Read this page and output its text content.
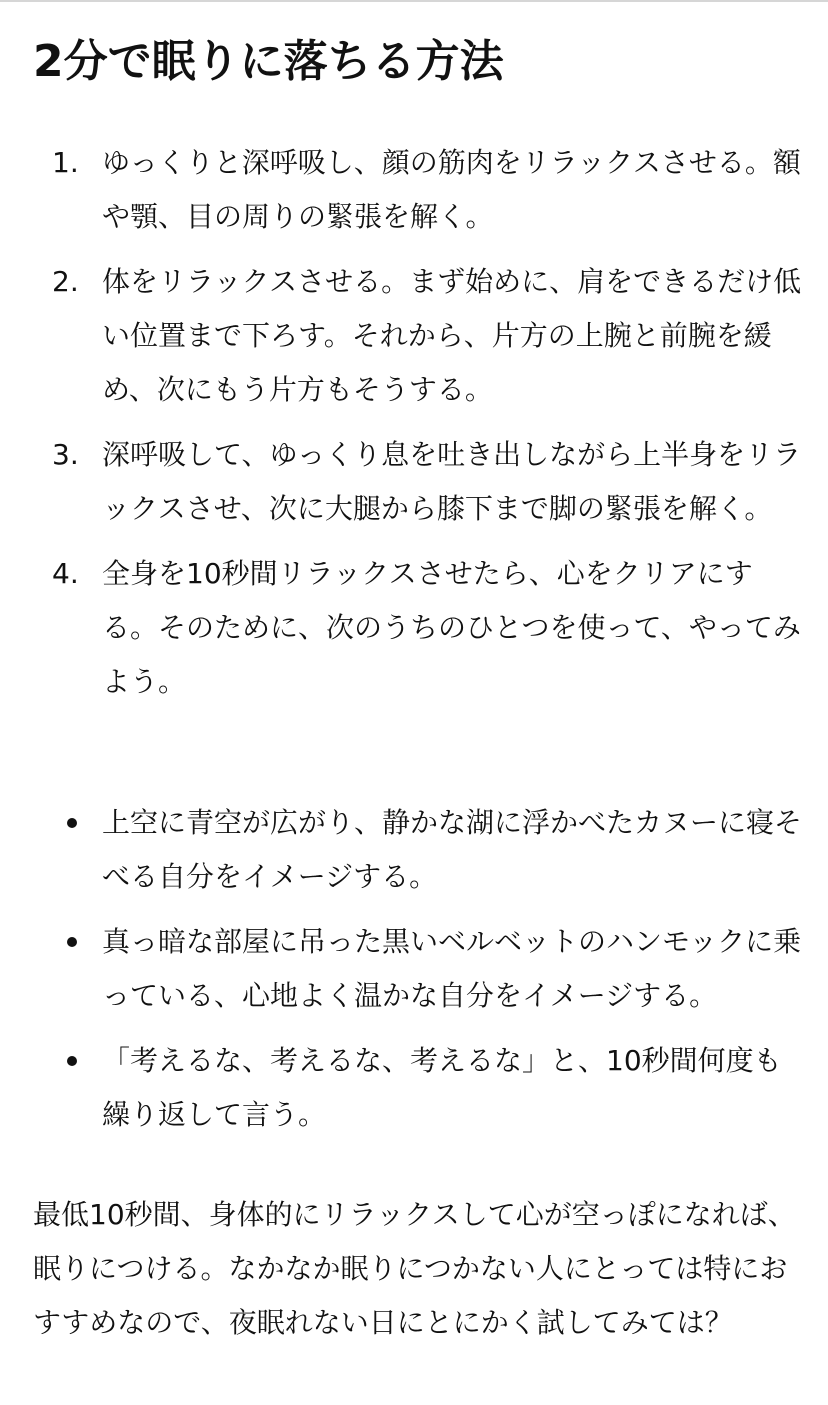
2分で眠りに落ちる方法
1. ゆっくりと深呼吸し、顔の筋肉をリラックスさせる。額や顎、目の周りの緊張を解く。
2. 体をリラックスさせる。まず始めに、肩をできるだけ低い位置まで下ろす。それから、片方の上腕と前腕を緩め、次にもう片方もそうする。
3. 深呼吸して、ゆっくり息を吐き出しながら上半身をリラックスさせ、次に大腿から膝下まで脚の緊張を解く。
4. 全身を10秒間リラックスさせたら、心をクリアにする。そのために、次のうちのひとつを使って、やってみよう。
上空に青空が広がり、静かな湖に浮かべたカヌーに寝そべる自分をイメージする。
真っ暗な部屋に吊った黒いベルベットのハンモックに乗っている、心地よく温かな自分をイメージする。
「考えるな、考えるな、考えるな」と、10秒間何度も繰り返して言う。

最低10秒間、身体的にリラックスして心が空っぽになれば、眠りにつける。なかなか眠りにつかない人にとっては特におすすめなので、夜眠れない日にとにかく試してみては？
